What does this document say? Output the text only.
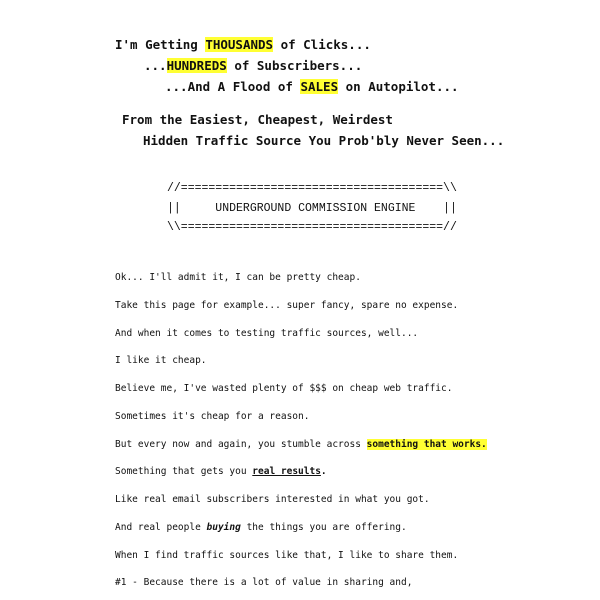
I'm Getting THOUSANDS of Clicks...

...HUNDREDS of Subscribers...

...And A Flood of SALES on Autopilot...

From the Easiest, Cheapest, Weirdest

Hidden Traffic Source You Prob'bly Never Seen...

//======================================\\

||     UNDERGROUND COMMISSION ENGINE    ||

\\======================================//

Ok... I'll admit it, I can be pretty cheap.

Take this page for example... super fancy, spare no expense.

And when it comes to testing traffic sources, well...

I like it cheap.

Believe me, I've wasted plenty of $$$ on cheap web traffic.

Sometimes it's cheap for a reason.

But every now and again, you stumble across something that works.

Something that gets you real results.

Like real email subscribers interested in what you got.

And real people buying the things you are offering.

When I find traffic sources like that, I like to share them.

#1 - Because there is a lot of value in sharing and,
